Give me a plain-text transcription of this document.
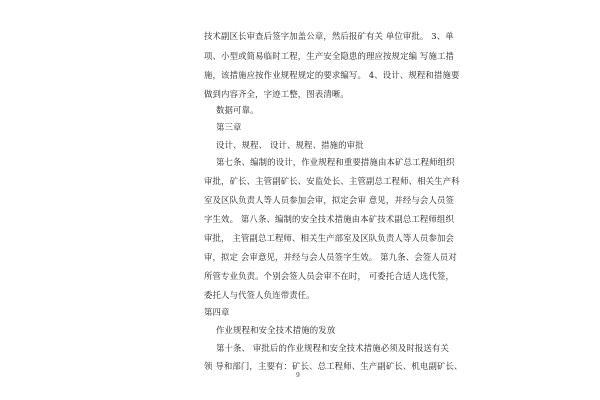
技术副区长审查后签字加盖公章，然后报矿有关 单位审批。 3、单
项、小型或简易临时工程，生产安全隐患的理应按规定编 写施工措
施，该措施应按作业规程规定的要求编写。 4、设计、规程和措施要
做到内容齐全，字迹工整，图表清晰。
数据可靠。
第三章
设计、规程、 设计、规程、措施的审批
第七条、编制的设计，作业规程和重要措施由本矿总工程师组织
审批，矿长、主管副矿长、安监处长、主管副总工程师、相关生产科
室及区队负责人等人员参加会审，拟定会审 意见，并经与会人员签
字生效。 第八条、编制的安全技术措施由本矿技术副总工程师组织
审批， 主管副总工程师、相关生产部室及区队负责人等人员参加会
审，拟定 会审意见，并经与会人员签字生效。 第九条、会签人员对
所管专业负责。个别会签人员会审不在时， 可委托合适人选代签，
委托人与代签人负连带责任。
第四章
作业规程和安全技术措施的发放
第十条、 审批后的作业规程和安全技术措施必须及时报送有关
领 导和部门，主要有：矿长、总工程师、生产副矿长、机电副矿长、
9
